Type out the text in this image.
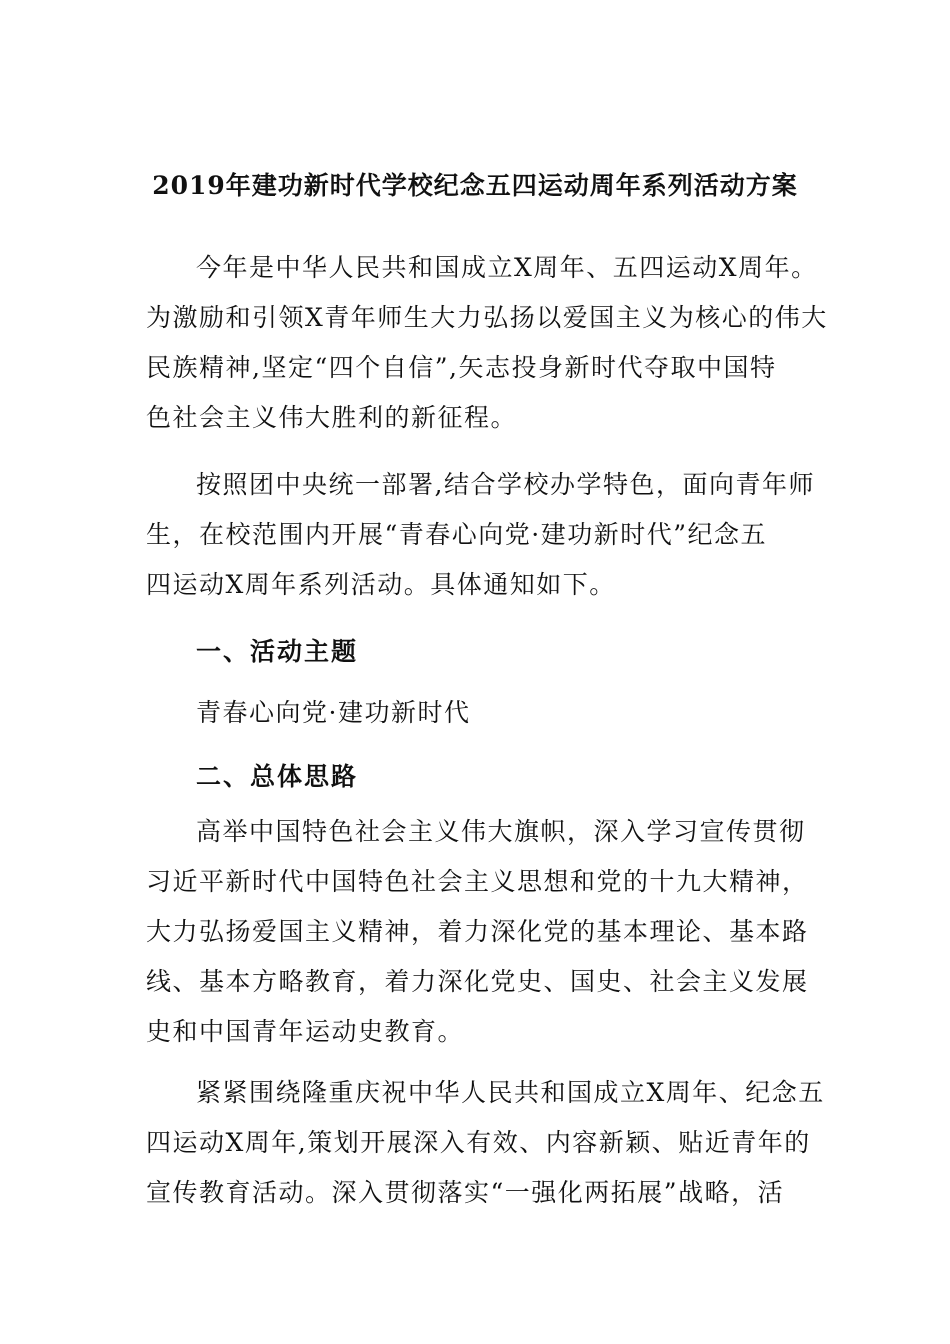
2019年建功新时代学校纪念五四运动周年系列活动方案
今年是中华人民共和国成立X周年、五四运动X周年。
为激励和引领X青年师生大力弘扬以爱国主义为核心的伟大
民族精神,坚定“四个自信”,矢志投身新时代夺取中国特
色社会主义伟大胜利的新征程。
按照团中央统一部署,结合学校办学特色，面向青年师
生，在校范围内开展“青春心向党·建功新时代”纪念五
四运动X周年系列活动。具体通知如下。
一、活动主题
青春心向党·建功新时代
二、总体思路
高举中国特色社会主义伟大旗帜，深入学习宣传贯彻
习近平新时代中国特色社会主义思想和党的十九大精神，
大力弘扬爱国主义精神，着力深化党的基本理论、基本路
线、基本方略教育，着力深化党史、国史、社会主义发展
史和中国青年运动史教育。
紧紧围绕隆重庆祝中华人民共和国成立X周年、纪念五
四运动X周年,策划开展深入有效、内容新颖、贴近青年的
宣传教育活动。深入贯彻落实“一强化两拓展”战略，活
